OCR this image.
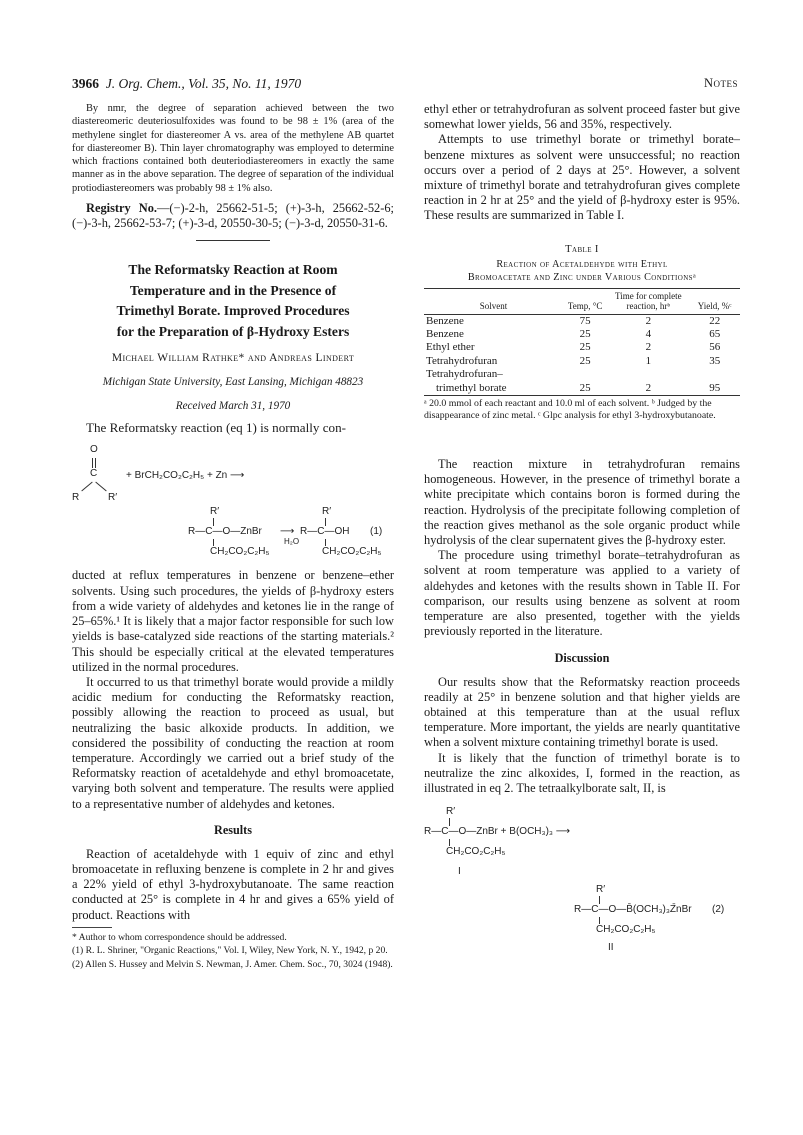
3966 J. Org. Chem., Vol. 35, No. 11, 1970	Notes

By nmr, the degree of separation achieved between the two diastereomeric deuteriosulfoxides was found to be 98 ± 1% (area of the methylene singlet for diastereomer A vs. area of the methylene AB quartet for diastereomer B). Thin layer chromatography was employed to determine which fractions contained both deuteriodiastereomers in exactly the same manner as in the above separation. The degree of separation of the individual protiodiastereomers was probably 98 ± 1% also.

Registry No.—(−)-2-h, 25662-51-5; (+)-3-h, 25662-52-6; (−)-3-h, 25662-53-7; (+)-3-d, 20550-30-5; (−)-3-d, 20550-31-6.

The Reformatsky Reaction at Room
Temperature and in the Presence of
Trimethyl Borate. Improved Procedures
for the Preparation of β-Hydroxy Esters
Michael William Rathke* and Andreas Lindert
Michigan State University, East Lansing, Michigan 48823
Received March 31, 1970

The Reformatsky reaction (eq 1) is normally con-

O
C
R	R′
+ BrCH₂CO₂C₂H₅ + Zn ⟶
R′
R—C—O—ZnBr
CH₂CO₂C₂H₅
⟶
H₂O
R′
R—C—OH
CH₂CO₂C₂H₅
(1)

ducted at reflux temperatures in benzene or benzene–ether solvents. Using such procedures, the yields of β-hydroxy esters from a wide variety of aldehydes and ketones lie in the range of 25–65%.¹ It is likely that a major factor responsible for such low yields is base-catalyzed side reactions of the starting materials.² This should be especially critical at the elevated temperatures utilized in the normal procedures.

It occurred to us that trimethyl borate would provide a mildly acidic medium for conducting the Reformatsky reaction, possibly allowing the reaction to proceed as usual, but neutralizing the basic alkoxide products. In addition, we considered the possibility of conducting the reaction at room temperature. Accordingly we carried out a brief study of the Reformatsky reaction of acetaldehyde and ethyl bromoacetate, varying both solvent and temperature. The results were applied to a representative number of aldehydes and ketones.

Results

Reaction of acetaldehyde with 1 equiv of zinc and ethyl bromoacetate in refluxing benzene is complete in 2 hr and gives a 22% yield of ethyl 3-hydroxybutanoate. The same reaction conducted at 25° is complete in 4 hr and gives a 65% yield of product. Reactions with

* Author to whom correspondence should be addressed.

(1) R. L. Shriner, "Organic Reactions," Vol. I, Wiley, New York, N. Y., 1942, p 20.

(2) Allen S. Hussey and Melvin S. Newman, J. Amer. Chem. Soc., 70, 3024 (1948).

ethyl ether or tetrahydrofuran as solvent proceed faster but give somewhat lower yields, 56 and 35%, respectively.

Attempts to use trimethyl borate or trimethyl borate–benzene mixtures as solvent were unsuccessful; no reaction occurs over a period of 2 days at 25°. However, a solvent mixture of trimethyl borate and tetrahydrofuran gives complete reaction in 2 hr at 25° and the yield of β-hydroxy ester is 95%. These results are summarized in Table I.

Table I
Reaction of Acetaldehyde with Ethyl
Bromoacetate and Zinc under Various Conditionsᵃ
Solvent	Temp, °C	Time for complete reaction, hrᵇ	Yield, %ᶜ
Benzene	75	2	22
Benzene	25	4	65
Ethyl ether	25	2	56
Tetrahydrofuran	25	1	35
Tetrahydrofuran–			
trimethyl borate	25	2	95

ᵃ 20.0 mmol of each reactant and 10.0 ml of each solvent. ᵇ Judged by the disappearance of zinc metal. ᶜ Glpc analysis for ethyl 3-hydroxybutanoate.

The reaction mixture in tetrahydrofuran remains homogeneous. However, in the presence of trimethyl borate a white precipitate which contains boron is formed during the reaction. Hydrolysis of the precipitate following completion of the reaction gives methanol as the sole organic product while hydrolysis of the clear supernatent gives the β-hydroxy ester.

The procedure using trimethyl borate–tetrahydrofuran as solvent at room temperature was applied to a variety of aldehydes and ketones with the results shown in Table II. For comparison, our results using benzene as solvent at room temperature are also presented, together with the yields previously reported in the literature.

Discussion

Our results show that the Reformatsky reaction proceeds readily at 25° in benzene solution and that higher yields are obtained at this temperature than at the usual reflux temperature. More important, the yields are nearly quantitative when a solvent mixture containing trimethyl borate is used.

It is likely that the function of trimethyl borate is to neutralize the zinc alkoxides, I, formed in the reaction, as illustrated in eq 2. The tetraalkylborate salt, II, is

R′
R—C—O—ZnBr + B(OCH₃)₃ ⟶
CH₂CO₂C₂H₅
I
R′
R—C—O—B̄(OCH₃)₃Z̄nBr (2)
CH₂CO₂C₂H₅
II
